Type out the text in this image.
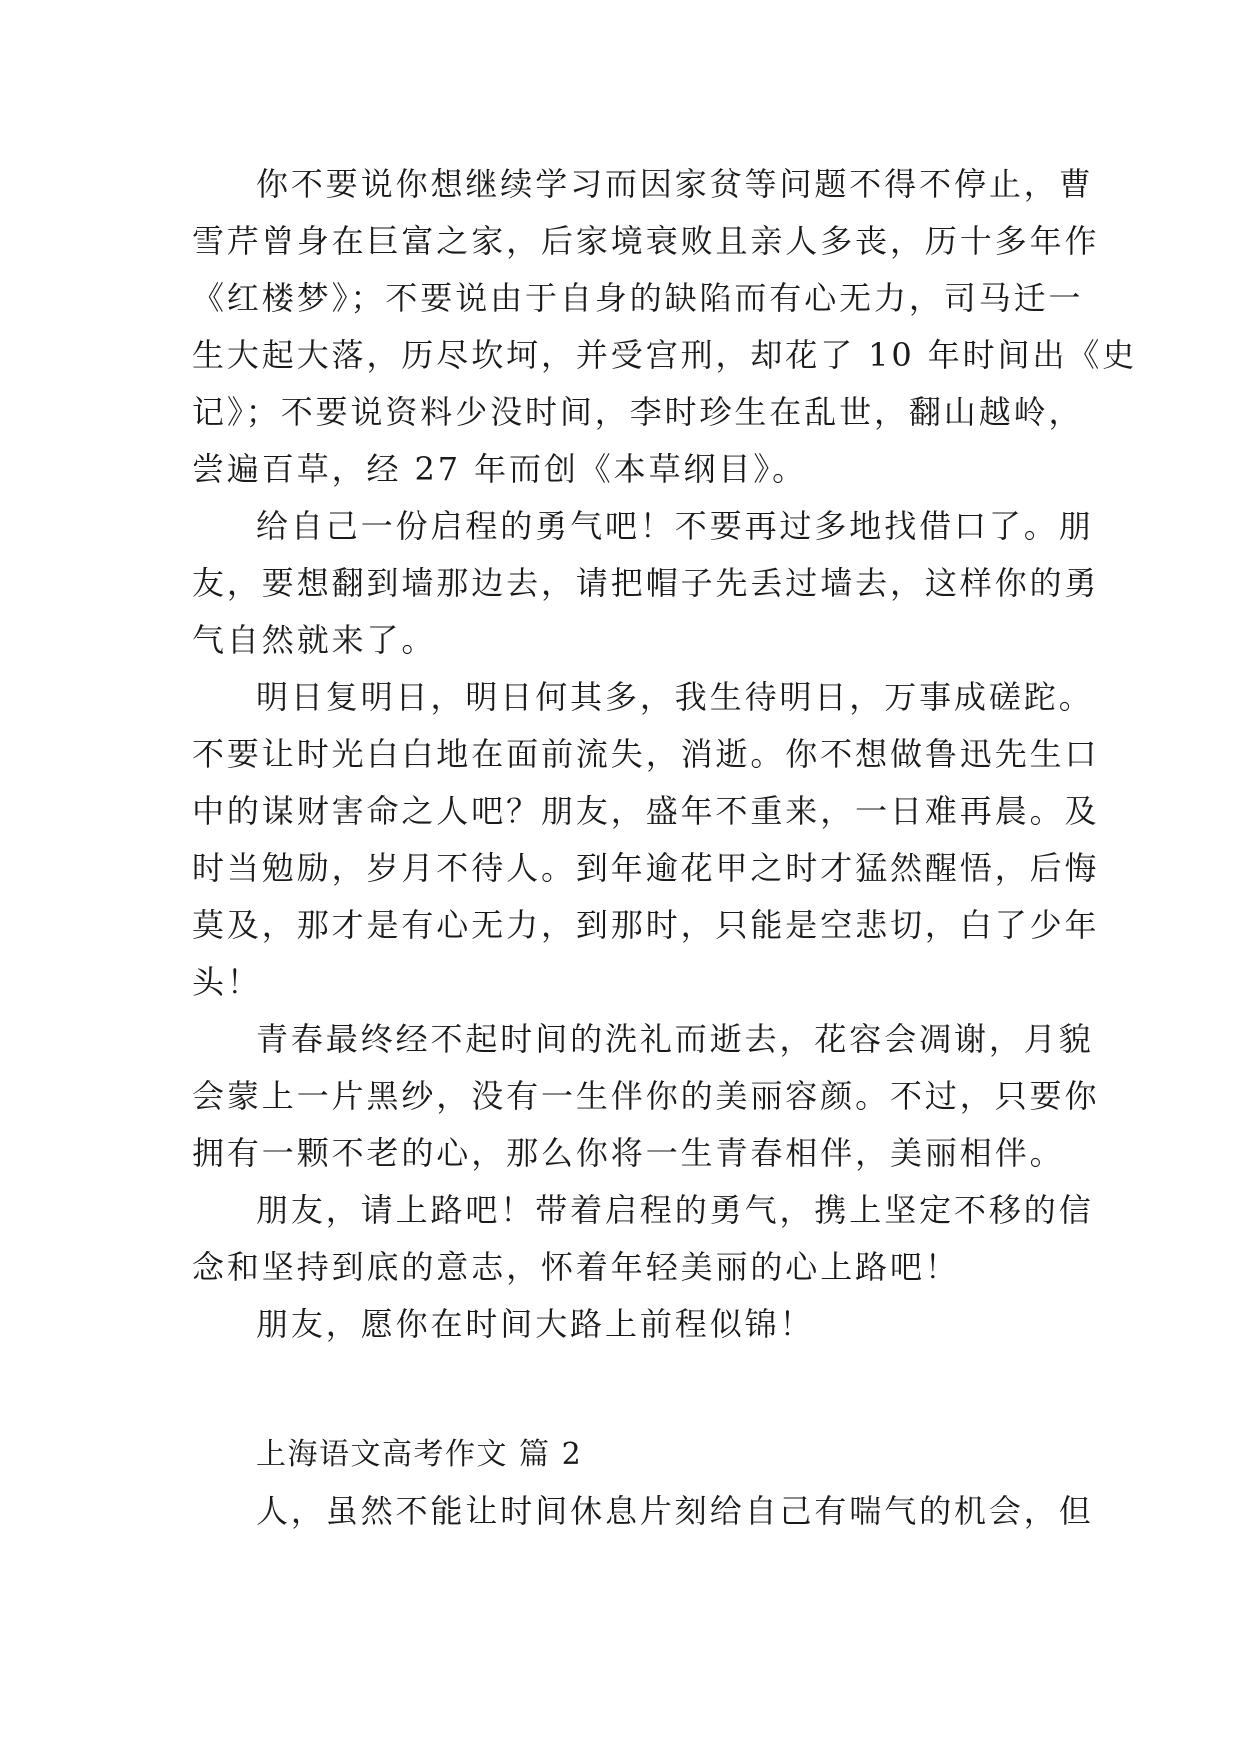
你不要说你想继续学习而因家贫等问题不得不停止，曹
雪芹曾身在巨富之家，后家境衰败且亲人多丧，历十多年作
《红楼梦》；不要说由于自身的缺陷而有心无力，司马迁一
生大起大落，历尽坎坷，并受宫刑，却花了 10 年时间出《史
记》；不要说资料少没时间，李时珍生在乱世，翻山越岭，
尝遍百草，经 27 年而创《本草纲目》。
给自己一份启程的勇气吧！不要再过多地找借口了。朋
友，要想翻到墙那边去，请把帽子先丢过墙去，这样你的勇
气自然就来了。
明日复明日，明日何其多，我生待明日，万事成磋跎。
不要让时光白白地在面前流失，消逝。你不想做鲁迅先生口
中的谋财害命之人吧？朋友，盛年不重来，一日难再晨。及
时当勉励，岁月不待人。到年逾花甲之时才猛然醒悟，后悔
莫及，那才是有心无力，到那时，只能是空悲切，白了少年
头！
青春最终经不起时间的洗礼而逝去，花容会凋谢，月貌
会蒙上一片黑纱，没有一生伴你的美丽容颜。不过，只要你
拥有一颗不老的心，那么你将一生青春相伴，美丽相伴。
朋友，请上路吧！带着启程的勇气，携上坚定不移的信
念和坚持到底的意志，怀着年轻美丽的心上路吧！
朋友，愿你在时间大路上前程似锦！
上海语文高考作文 篇 2
人，虽然不能让时间休息片刻给自己有喘气的机会，但
